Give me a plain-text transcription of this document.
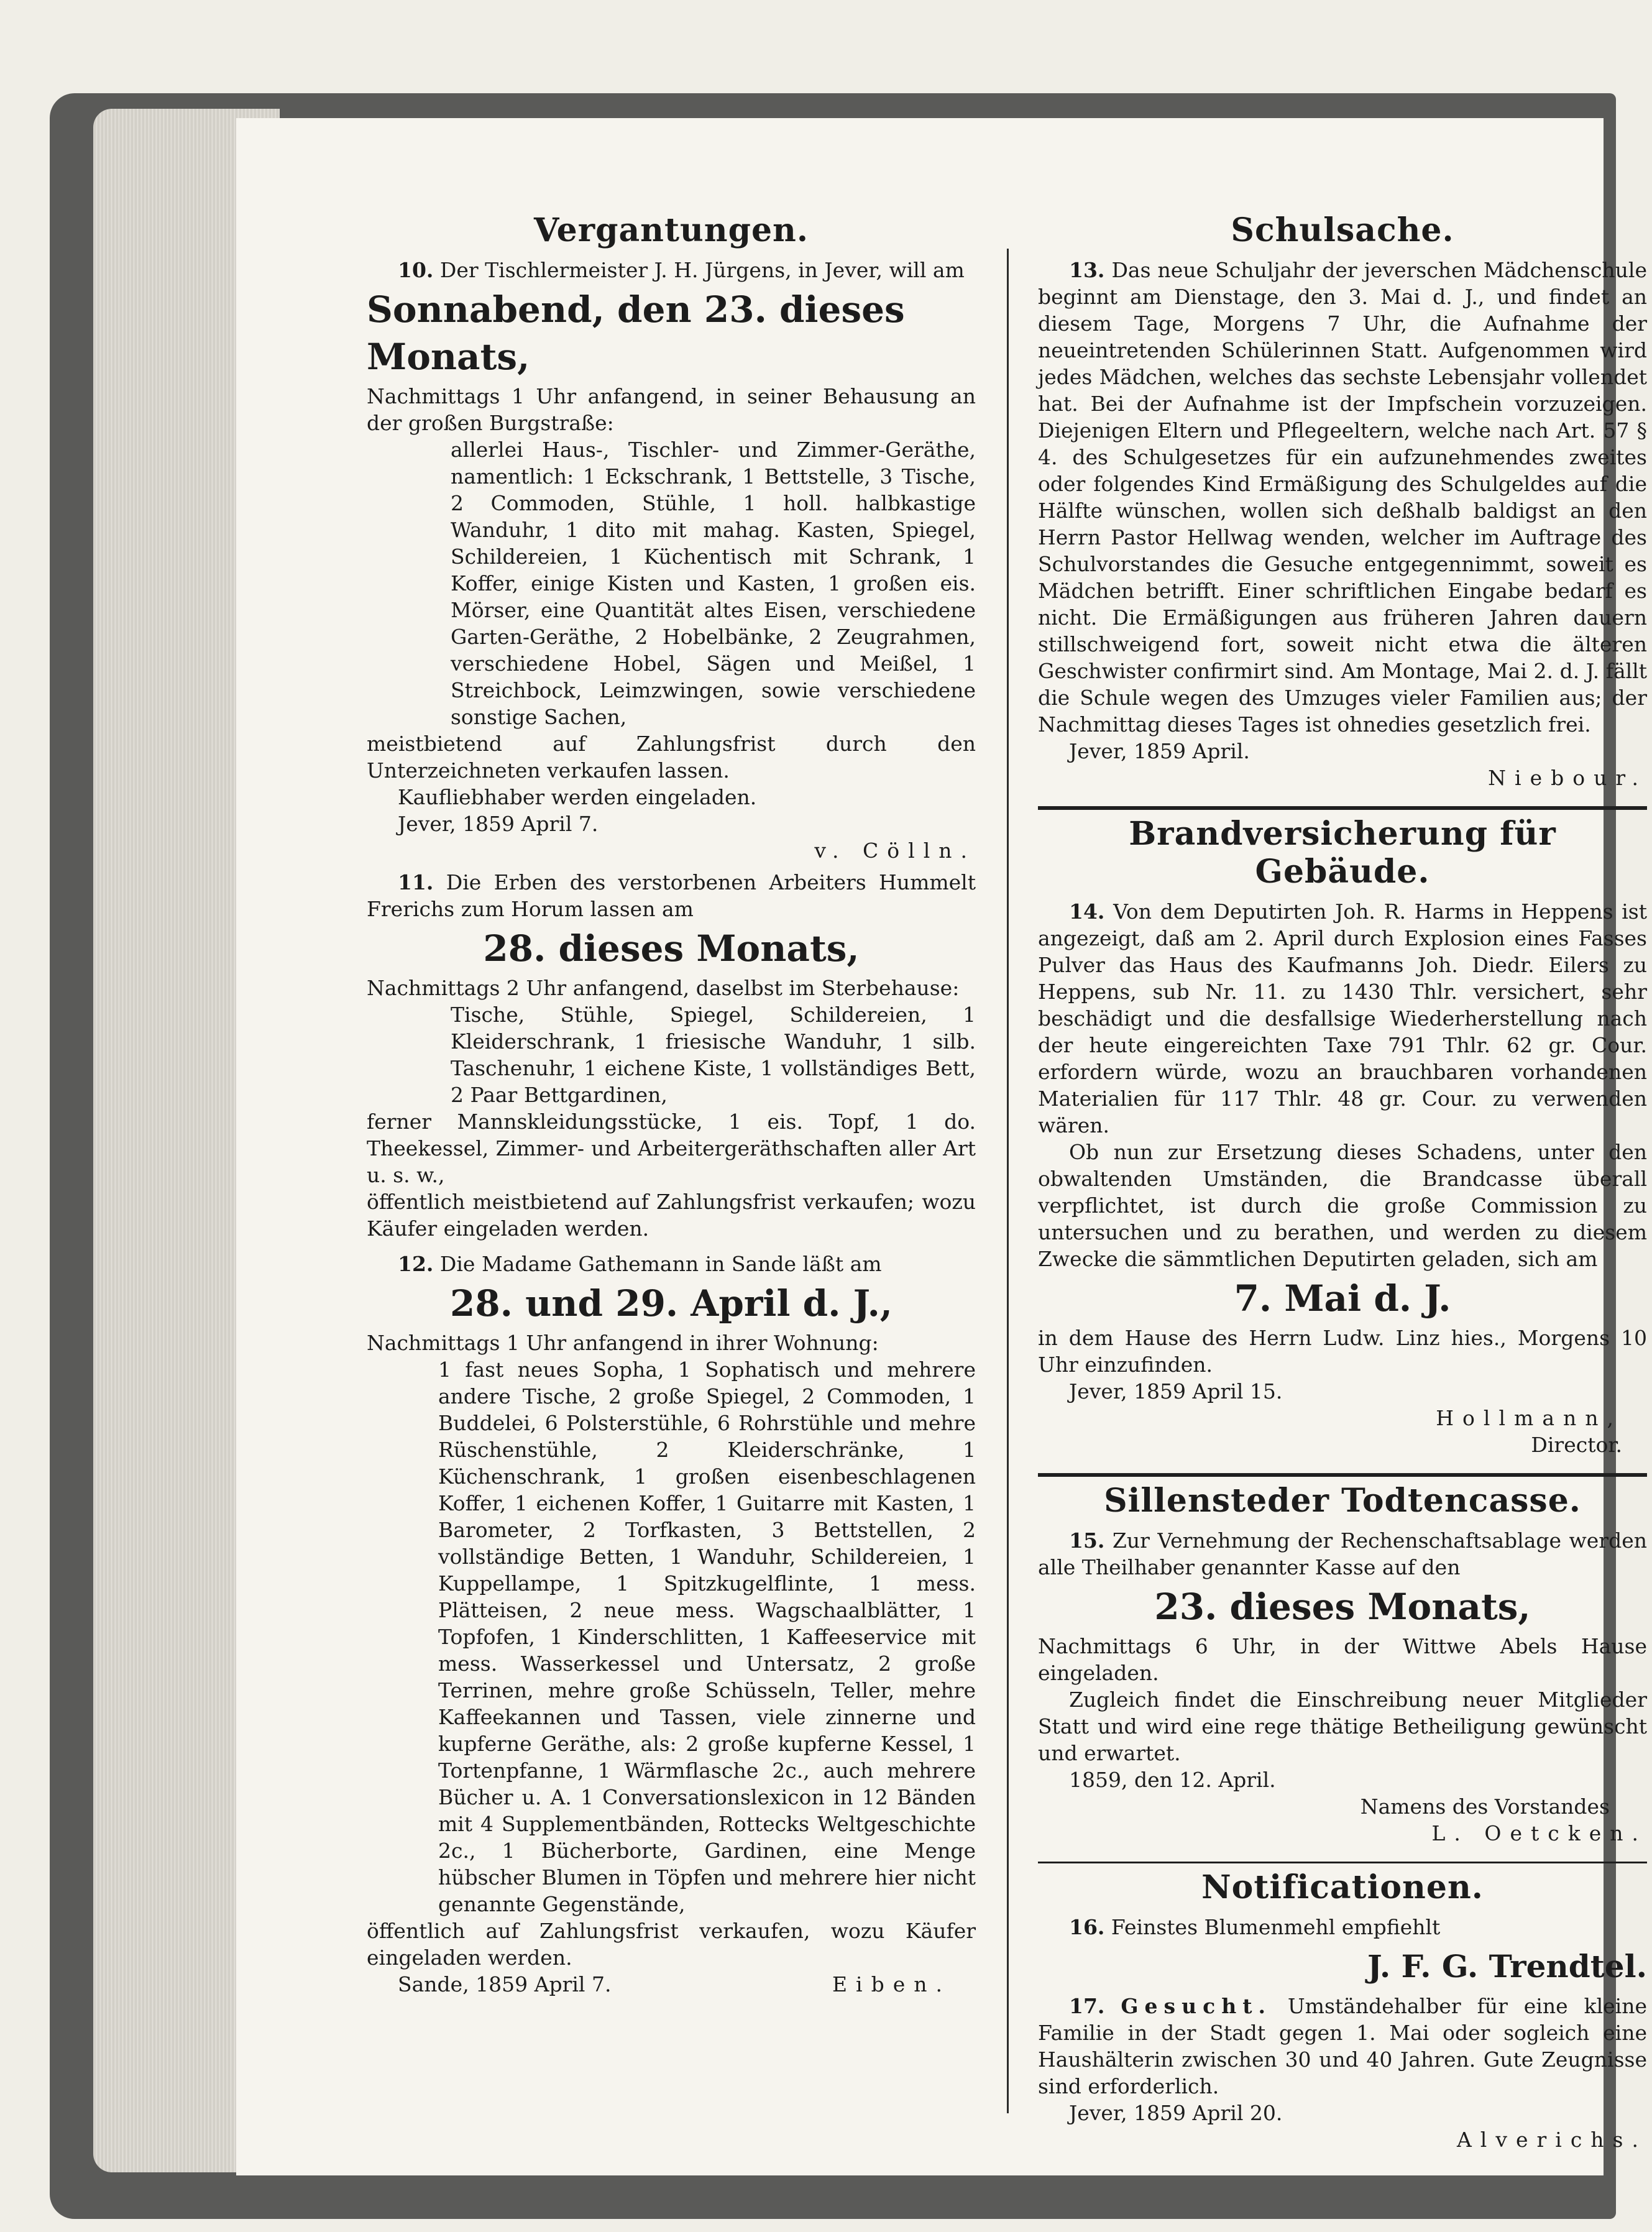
Vergantungen.

10. Der Tischlermeister J. H. Jürgens, in Jever, will am

Sonnabend, den 23. dieses Monats,

Nachmittags 1 Uhr anfangend, in seiner Behausung an der großen Burgstraße:

allerlei Haus-, Tischler- und Zimmer-Geräthe, namentlich: 1 Eckschrank, 1 Bettstelle, 3 Tische, 2 Commoden, Stühle, 1 holl. halbkastige Wanduhr, 1 dito mit mahag. Kasten, Spiegel, Schildereien, 1 Küchentisch mit Schrank, 1 Koffer, einige Kisten und Kasten, 1 großen eis. Mörser, eine Quantität altes Eisen, verschiedene Garten-Geräthe, 2 Hobelbänke, 2 Zeugrahmen, verschiedene Hobel, Sägen und Meißel, 1 Streichbock, Leimzwingen, sowie verschiedene sonstige Sachen,

meistbietend auf Zahlungsfrist durch den Unterzeichneten verkaufen lassen.

Kaufliebhaber werden eingeladen.

Jever, 1859 April 7.

v. Cölln.

11. Die Erben des verstorbenen Arbeiters Hummelt Frerichs zum Horum lassen am

28. dieses Monats,

Nachmittags 2 Uhr anfangend, daselbst im Sterbehause:

Tische, Stühle, Spiegel, Schildereien, 1 Kleiderschrank, 1 friesische Wanduhr, 1 silb. Taschenuhr, 1 eichene Kiste, 1 vollständiges Bett, 2 Paar Bettgardinen,

ferner Mannskleidungsstücke, 1 eis. Topf, 1 do. Theekessel, Zimmer- und Arbeitergeräthschaften aller Art u. s. w.,

öffentlich meistbietend auf Zahlungsfrist verkaufen; wozu Käufer eingeladen werden.

12. Die Madame Gathemann in Sande läßt am

28. und 29. April d. J.,

Nachmittags 1 Uhr anfangend in ihrer Wohnung:

1 fast neues Sopha, 1 Sophatisch und mehrere andere Tische, 2 große Spiegel, 2 Commoden, 1 Buddelei, 6 Polsterstühle, 6 Rohrstühle und mehre Rüschenstühle, 2 Kleiderschränke, 1 Küchenschrank, 1 großen eisenbeschlagenen Koffer, 1 eichenen Koffer, 1 Guitarre mit Kasten, 1 Barometer, 2 Torfkasten, 3 Bettstellen, 2 vollständige Betten, 1 Wanduhr, Schildereien, 1 Kuppellampe, 1 Spitzkugelflinte, 1 mess. Plätteisen, 2 neue mess. Wagschaalblätter, 1 Topfofen, 1 Kinderschlitten, 1 Kaffeeservice mit mess. Wasserkessel und Untersatz, 2 große Terrinen, mehre große Schüsseln, Teller, mehre Kaffeekannen und Tassen, viele zinnerne und kupferne Geräthe, als: 2 große kupferne Kessel, 1 Tortenpfanne, 1 Wärmflasche 2c., auch mehrere Bücher u. A. 1 Conversationslexicon in 12 Bänden mit 4 Supplementbänden, Rottecks Weltgeschichte 2c., 1 Bücherborte, Gardinen, eine Menge hübscher Blumen in Töpfen und mehrere hier nicht genannte Gegenstände,

öffentlich auf Zahlungsfrist verkaufen, wozu Käufer eingeladen werden.

Sande, 1859 April 7.	Eiben.

Schulsache.

13. Das neue Schuljahr der jeverschen Mädchenschule beginnt am Dienstage, den 3. Mai d. J., und findet an diesem Tage, Morgens 7 Uhr, die Aufnahme der neueintretenden Schülerinnen Statt. Aufgenommen wird jedes Mädchen, welches das sechste Lebensjahr vollendet hat. Bei der Aufnahme ist der Impfschein vorzuzeigen. Diejenigen Eltern und Pflegeeltern, welche nach Art. 57 § 4. des Schulgesetzes für ein aufzunehmendes zweites oder folgendes Kind Ermäßigung des Schulgeldes auf die Hälfte wünschen, wollen sich deßhalb baldigst an den Herrn Pastor Hellwag wenden, welcher im Auftrage des Schulvorstandes die Gesuche entgegennimmt, soweit es Mädchen betrifft. Einer schriftlichen Eingabe bedarf es nicht. Die Ermäßigungen aus früheren Jahren dauern stillschweigend fort, soweit nicht etwa die älteren Geschwister confirmirt sind. Am Montage, Mai 2. d. J. fällt die Schule wegen des Umzuges vieler Familien aus; der Nachmittag dieses Tages ist ohnedies gesetzlich frei.

Jever, 1859 April.

Niebour.

Brandversicherung für Gebäude.

14. Von dem Deputirten Joh. R. Harms in Heppens ist angezeigt, daß am 2. April durch Explosion eines Fasses Pulver das Haus des Kaufmanns Joh. Diedr. Eilers zu Heppens, sub Nr. 11. zu 1430 Thlr. versichert, sehr beschädigt und die desfallsige Wiederherstellung nach der heute eingereichten Taxe 791 Thlr. 62 gr. Cour. erfordern würde, wozu an brauchbaren vorhandenen Materialien für 117 Thlr. 48 gr. Cour. zu verwenden wären.

Ob nun zur Ersetzung dieses Schadens, unter den obwaltenden Umständen, die Brandcasse überall verpflichtet, ist durch die große Commission zu untersuchen und zu berathen, und werden zu diesem Zwecke die sämmtlichen Deputirten geladen, sich am

7. Mai d. J.

in dem Hause des Herrn Ludw. Linz hies., Morgens 10 Uhr einzufinden.

Jever, 1859 April 15.

Hollmann,

Director.

Sillensteder Todtencasse.

15. Zur Vernehmung der Rechenschaftsablage werden alle Theilhaber genannter Kasse auf den

23. dieses Monats,

Nachmittags 6 Uhr, in der Wittwe Abels Hause eingeladen.

Zugleich findet die Einschreibung neuer Mitglieder Statt und wird eine rege thätige Betheiligung gewünscht und erwartet.

1859, den 12. April.

Namens des Vorstandes

L. Oetcken.

Notificationen.

16. Feinstes Blumenmehl empfiehlt

J. F. G. Trendtel.

17. Gesucht. Umständehalber für eine kleine Familie in der Stadt gegen 1. Mai oder sogleich eine Haushälterin zwischen 30 und 40 Jahren. Gute Zeugnisse sind erforderlich.

Jever, 1859 April 20.

Alverichs.
